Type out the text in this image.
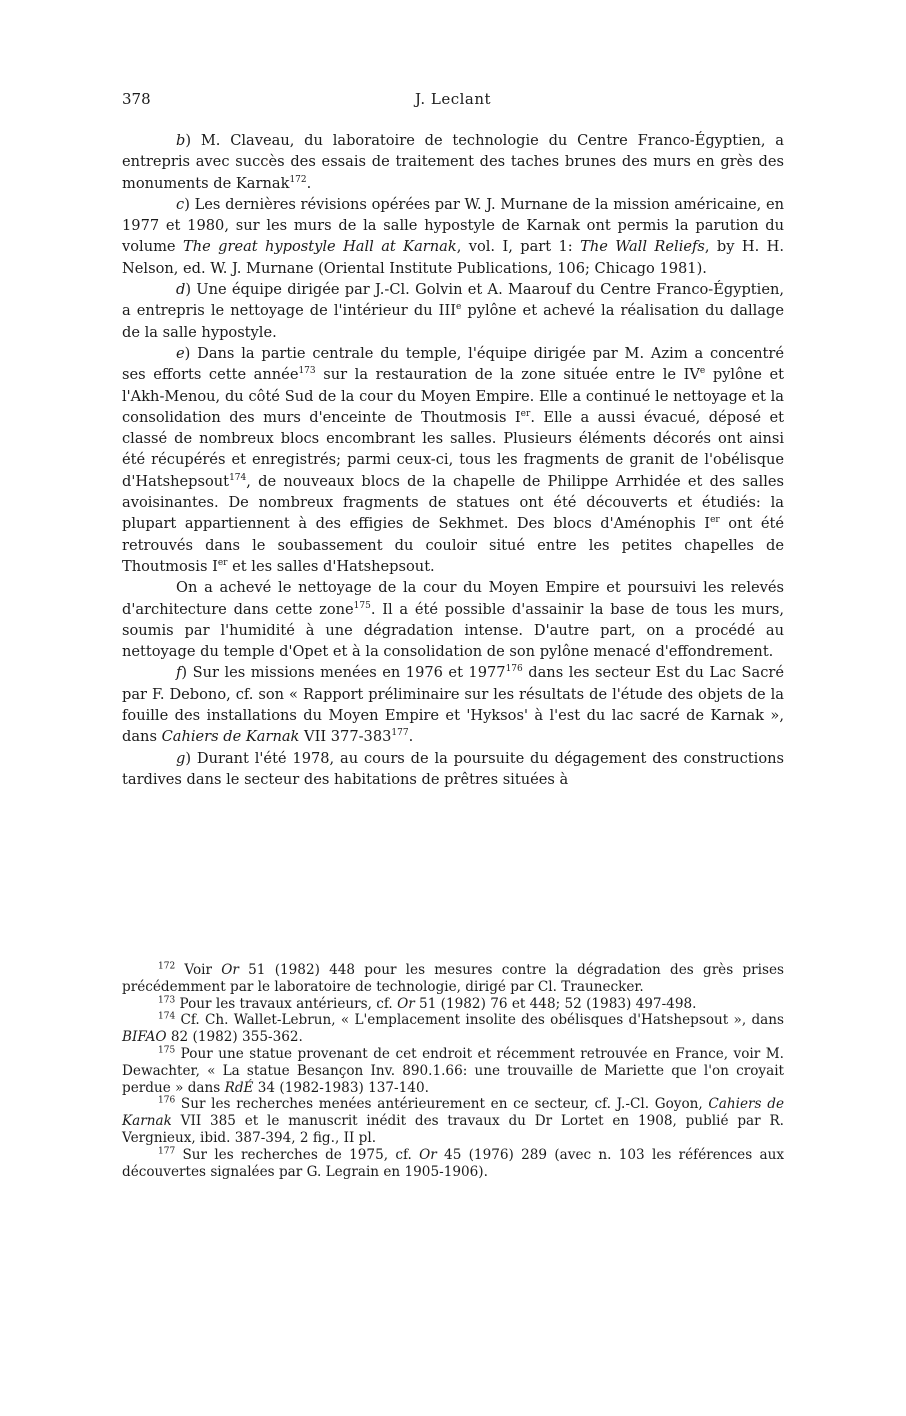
378	J. Leclant

b) M. Claveau, du laboratoire de technologie du Centre Franco-Égyptien, a entrepris avec succès des essais de traitement des taches brunes des murs en grès des monuments de Karnak$^{172}$.

c) Les dernières révisions opérées par W. J. Murnane de la mission américaine, en 1977 et 1980, sur les murs de la salle hypostyle de Karnak ont permis la parution du volume The great hypostyle Hall at Karnak, vol. I, part 1: The Wall Reliefs, by H. H. Nelson, ed. W. J. Murnane (Oriental Institute Publications, 106; Chicago 1981).

d) Une équipe dirigée par J.-Cl. Golvin et A. Maarouf du Centre Franco-Égyptien, a entrepris le nettoyage de l'intérieur du IIIe pylône et achevé la réalisation du dallage de la salle hypostyle.

e) Dans la partie centrale du temple, l'équipe dirigée par M. Azim a concentré ses efforts cette année$^{173}$ sur la restauration de la zone située entre le IVe pylône et l'Akh-Menou, du côté Sud de la cour du Moyen Empire. Elle a continué le nettoyage et la consolidation des murs d'enceinte de Thoutmosis Ier. Elle a aussi évacué, déposé et classé de nombreux blocs encombrant les salles. Plusieurs éléments décorés ont ainsi été récupérés et enregistrés; parmi ceux-ci, tous les fragments de granit de l'obélisque d'Hatshepsout$^{174}$, de nouveaux blocs de la chapelle de Philippe Arrhidée et des salles avoisinantes. De nombreux fragments de statues ont été découverts et étudiés: la plupart appartiennent à des effigies de Sekhmet. Des blocs d'Aménophis Ier ont été retrouvés dans le soubassement du couloir situé entre les petites chapelles de Thoutmosis Ier et les salles d'Hatshepsout.

On a achevé le nettoyage de la cour du Moyen Empire et poursuivi les relevés d'architecture dans cette zone$^{175}$. Il a été possible d'assainir la base de tous les murs, soumis par l'humidité à une dégradation intense. D'autre part, on a procédé au nettoyage du temple d'Opet et à la consolidation de son pylône menacé d'effondrement.

f) Sur les missions menées en 1976 et 1977$^{176}$ dans les secteur Est du Lac Sacré par F. Debono, cf. son « Rapport préliminaire sur les résultats de l'étude des objets de la fouille des installations du Moyen Empire et 'Hyksos' à l'est du lac sacré de Karnak », dans Cahiers de Karnak VII $377-383^{177}$.

g) Durant l'été 1978, au cours de la poursuite du dégagement des constructions tardives dans le secteur des habitations de prêtres situées à

$^{172}$ Voir Or 51 (1982) 448 pour les mesures contre la dégradation des grès prises précédemment par le laboratoire de technologie, dirigé par Cl. Traunecker.

$^{173}$ Pour les travaux antérieurs, cf. Or 51 (1982) 76 et 448; 52 (1983) 497-498.

$^{174}$ Cf. Ch. Wallet-Lebrun, « L'emplacement insolite des obélisques d'Hatshepsout », dans BIFAO 82 (1982) 355-362.

$^{175}$ Pour une statue provenant de cet endroit et récemment retrouvée en France, voir M. Dewachter, « La statue Besançon Inv. 890.1.66: une trouvaille de Mariette que l'on croyait perdue » dans RdÉ 34 (1982-1983) 137-140.

$^{176}$ Sur les recherches menées antérieurement en ce secteur, cf. J.-Cl. Goyon, Cahiers de Karnak VII 385 et le manuscrit inédit des travaux du Dr Lortet en 1908, publié par R. Vergnieux, ibid. 387-394, 2 fig., II pl.

$^{177}$ Sur les recherches de 1975, cf. Or 45 (1976) 289 (avec n. 103 les références aux découvertes signalées par G. Legrain en 1905-1906).
